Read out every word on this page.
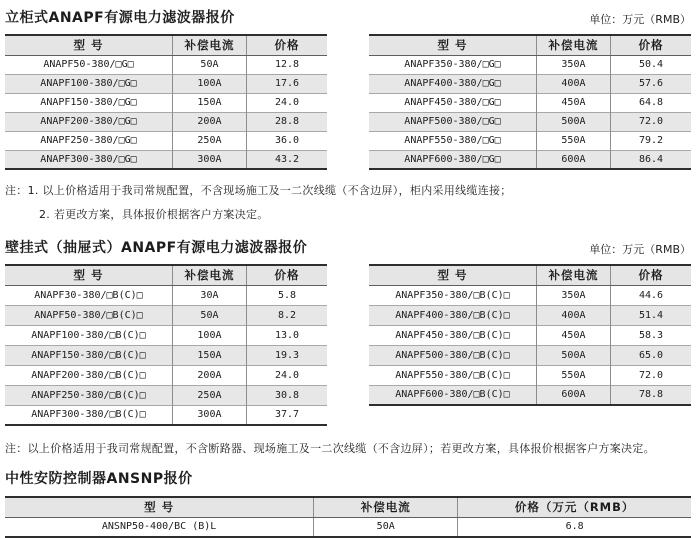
立柜式ANAPF有源电力滤波器报价	单位：万元（RMB）
型 号	补偿电流	价格
ANAPF50-380/□G□	50A	12.8
ANAPF100-380/□G□	100A	17.6
ANAPF150-380/□G□	150A	24.0
ANAPF200-380/□G□	200A	28.8
ANAPF250-380/□G□	250A	36.0
ANAPF300-380/□G□	300A	43.2
型 号	补偿电流	价格
ANAPF350-380/□G□	350A	50.4
ANAPF400-380/□G□	400A	57.6
ANAPF450-380/□G□	450A	64.8
ANAPF500-380/□G□	500A	72.0
ANAPF550-380/□G□	550A	79.2
ANAPF600-380/□G□	600A	86.4
注：1. 以上价格适用于我司常规配置，不含现场施工及一二次线缆（不含边屏），柜内采用线缆连接；
2. 若更改方案，具体报价根据客户方案决定。
壁挂式（抽屉式）ANAPF有源电力滤波器报价	单位：万元（RMB）
型 号	补偿电流	价格
ANAPF30-380/□B(C)□	30A	5.8
ANAPF50-380/□B(C)□	50A	8.2
ANAPF100-380/□B(C)□	100A	13.0
ANAPF150-380/□B(C)□	150A	19.3
ANAPF200-380/□B(C)□	200A	24.0
ANAPF250-380/□B(C)□	250A	30.8
ANAPF300-380/□B(C)□	300A	37.7
型 号	补偿电流	价格
ANAPF350-380/□B(C)□	350A	44.6
ANAPF400-380/□B(C)□	400A	51.4
ANAPF450-380/□B(C)□	450A	58.3
ANAPF500-380/□B(C)□	500A	65.0
ANAPF550-380/□B(C)□	550A	72.0
ANAPF600-380/□B(C)□	600A	78.8
注：以上价格适用于我司常规配置，不含断路器、现场施工及一二次线缆（不含边屏）；若更改方案，具体报价根据客户方案决定。
中性安防控制器ANSNP报价
型 号	补偿电流	价格（万元（RMB）
ANSNP50-400/BC (B)L	50A	6.8
